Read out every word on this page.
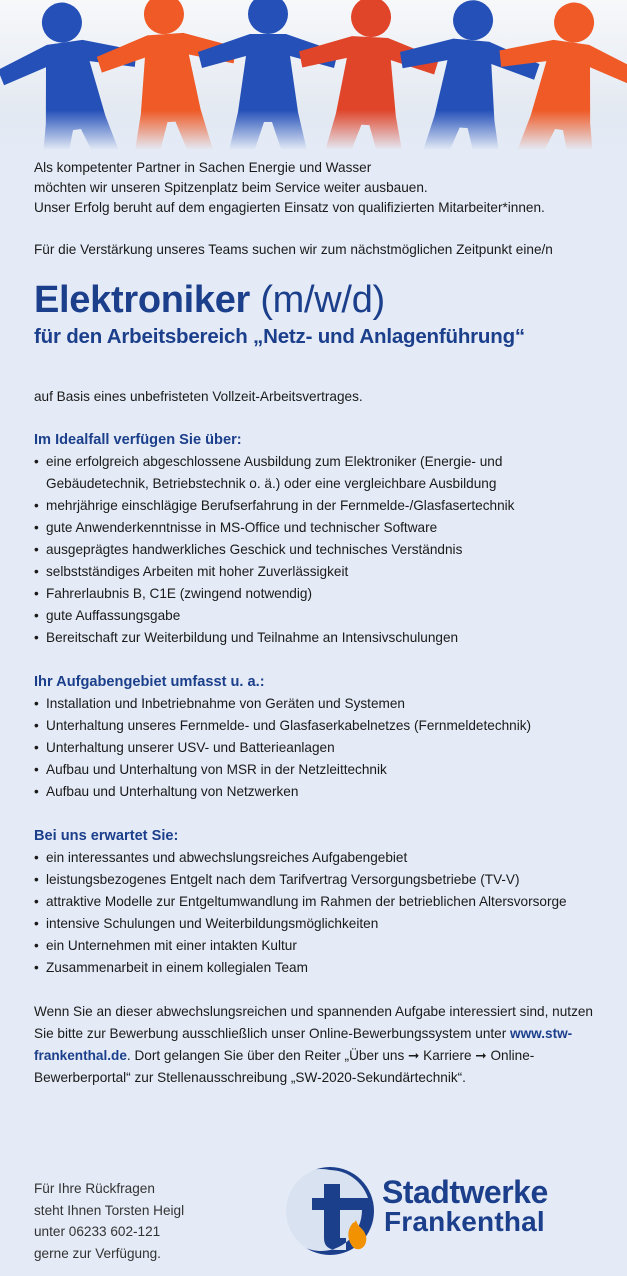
Als kompetenter Partner in Sachen Energie und Wasser

möchten wir unseren Spitzenplatz beim Service weiter ausbauen.

Unser Erfolg beruht auf dem engagierten Einsatz von qualifizierten Mitarbeiter*innen.

Für die Verstärkung unseres Teams suchen wir zum nächstmöglichen Zeitpunkt eine/n

Elektroniker (m/w/d)
für den Arbeitsbereich „Netz- und Anlagenführung“

auf Basis eines unbefristeten Vollzeit-Arbeitsvertrages.

Im Idealfall verfügen Sie über:
• eine erfolgreich abgeschlossene Ausbildung zum Elektroniker (Energie- und Gebäudetechnik, Betriebstechnik o. ä.) oder eine vergleichbare Ausbildung
• mehrjährige einschlägige Berufserfahrung in der Fernmelde-/Glasfasertechnik
• gute Anwenderkenntnisse in MS-Office und technischer Software
• ausgeprägtes handwerkliches Geschick und technisches Verständnis
• selbstständiges Arbeiten mit hoher Zuverlässigkeit
• Fahrerlaubnis B, C1E (zwingend notwendig)
• gute Auffassungsgabe
• Bereitschaft zur Weiterbildung und Teilnahme an Intensivschulungen
Ihr Aufgabengebiet umfasst u. a.:
• Installation und Inbetriebnahme von Geräten und Systemen
• Unterhaltung unseres Fernmelde- und Glasfaserkabelnetzes (Fernmeldetechnik)
• Unterhaltung unserer USV- und Batterieanlagen
• Aufbau und Unterhaltung von MSR in der Netzleittechnik
• Aufbau und Unterhaltung von Netzwerken
Bei uns erwartet Sie:
• ein interessantes und abwechslungsreiches Aufgabengebiet
• leistungsbezogenes Entgelt nach dem Tarifvertrag Versorgungsbetriebe (TV-V)
• attraktive Modelle zur Entgeltumwandlung im Rahmen der betrieblichen Altersvorsorge
• intensive Schulungen und Weiterbildungsmöglichkeiten
• ein Unternehmen mit einer intakten Kultur
• Zusammenarbeit in einem kollegialen Team

Wenn Sie an dieser abwechslungsreichen und spannenden Aufgabe interessiert sind, nutzen Sie bitte zur Bewerbung ausschließlich unser Online-Bewerbungssystem unter www.stw-frankenthal.de. Dort gelangen Sie über den Reiter „Über uns ➞ Karriere ➞ Online-Bewerberportal“ zur Stellenausschreibung „SW-2020-Sekundärtechnik“.

Für Ihre Rückfragen
steht Ihnen Torsten Heigl
unter 06233 602-121
gerne zur Verfügung.
Stadtwerke
Frankenthal
